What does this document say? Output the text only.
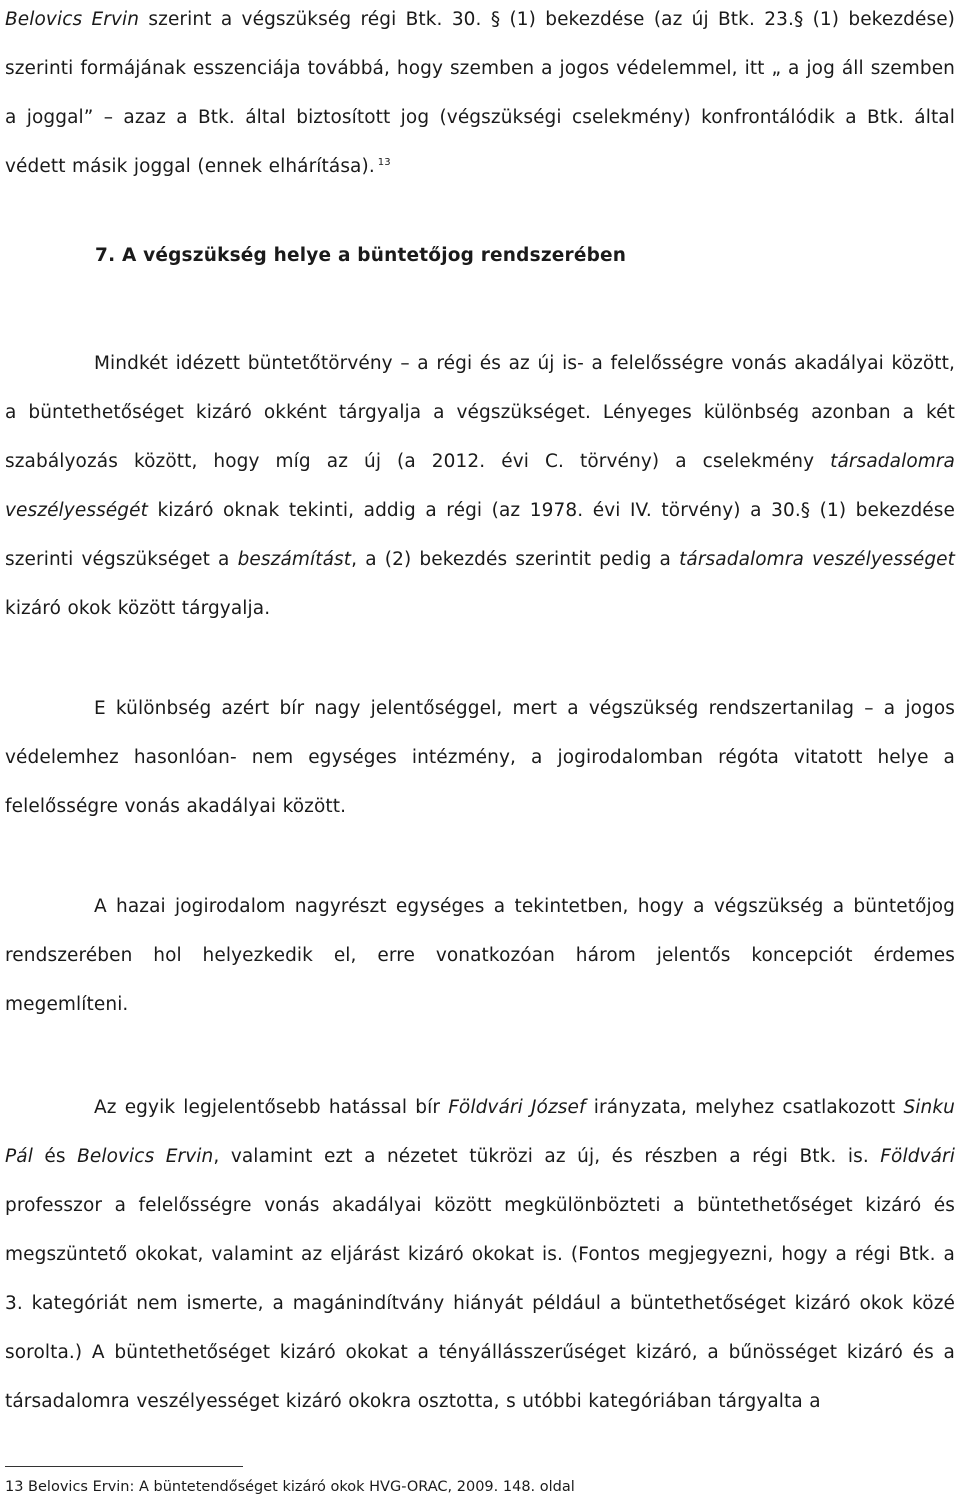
Belovics Ervin szerint a végszükség régi Btk. 30. § (1) bekezdése (az új Btk. 23.§ (1) bekezdése) szerinti formájának esszenciája továbbá, hogy szemben a jogos védelemmel, itt „ a jog áll szemben a joggal” – azaz a Btk. által biztosított jog (végszükségi cselekmény) konfrontálódik a Btk. által védett másik joggal (ennek elhárítása). $^{13}$

7. A végszükség helye a büntetőjog rendszerében

Mindkét idézett büntetőtörvény – a régi és az új is- a felelősségre vonás akadályai között, a büntethetőséget kizáró okként tárgyalja a végszükséget. Lényeges különbség azonban a két szabályozás között, hogy míg az új (a 2012. évi C. törvény) a cselekmény társadalomra veszélyességét kizáró oknak tekinti, addig a régi (az 1978. évi IV. törvény) a 30.§ (1) bekezdése szerinti végszükséget a beszámítást, a (2) bekezdés szerintit pedig a társadalomra veszélyességet kizáró okok között tárgyalja.

E különbség azért bír nagy jelentőséggel, mert a végszükség rendszertanilag – a jogos védelemhez hasonlóan- nem egységes intézmény, a jogirodalomban régóta vitatott helye a felelősségre vonás akadályai között.

A hazai jogirodalom nagyrészt egységes a tekintetben, hogy a végszükség a büntetőjog rendszerében hol helyezkedik el, erre vonatkozóan három jelentős koncepciót érdemes megemlíteni.

Az egyik legjelentősebb hatással bír Földvári József irányzata, melyhez csatlakozott Sinku Pál és Belovics Ervin, valamint ezt a nézetet tükrözi az új, és részben a régi Btk. is. Földvári professzor a felelősségre vonás akadályai között megkülönbözteti a büntethetőséget kizáró és megszüntető okokat, valamint az eljárást kizáró okokat is. (Fontos megjegyezni, hogy a régi Btk. a 3. kategóriát nem ismerte, a magánindítvány hiányát például a büntethetőséget kizáró okok közé sorolta.) A büntethetőséget kizáró okokat a tényállásszerűséget kizáró, a bűnösséget kizáró és a társadalomra veszélyességet kizáró okokra osztotta, s utóbbi kategóriában tárgyalta a

13 Belovics Ervin: A büntetendőséget kizáró okok HVG-ORAC, 2009. 148. oldal
